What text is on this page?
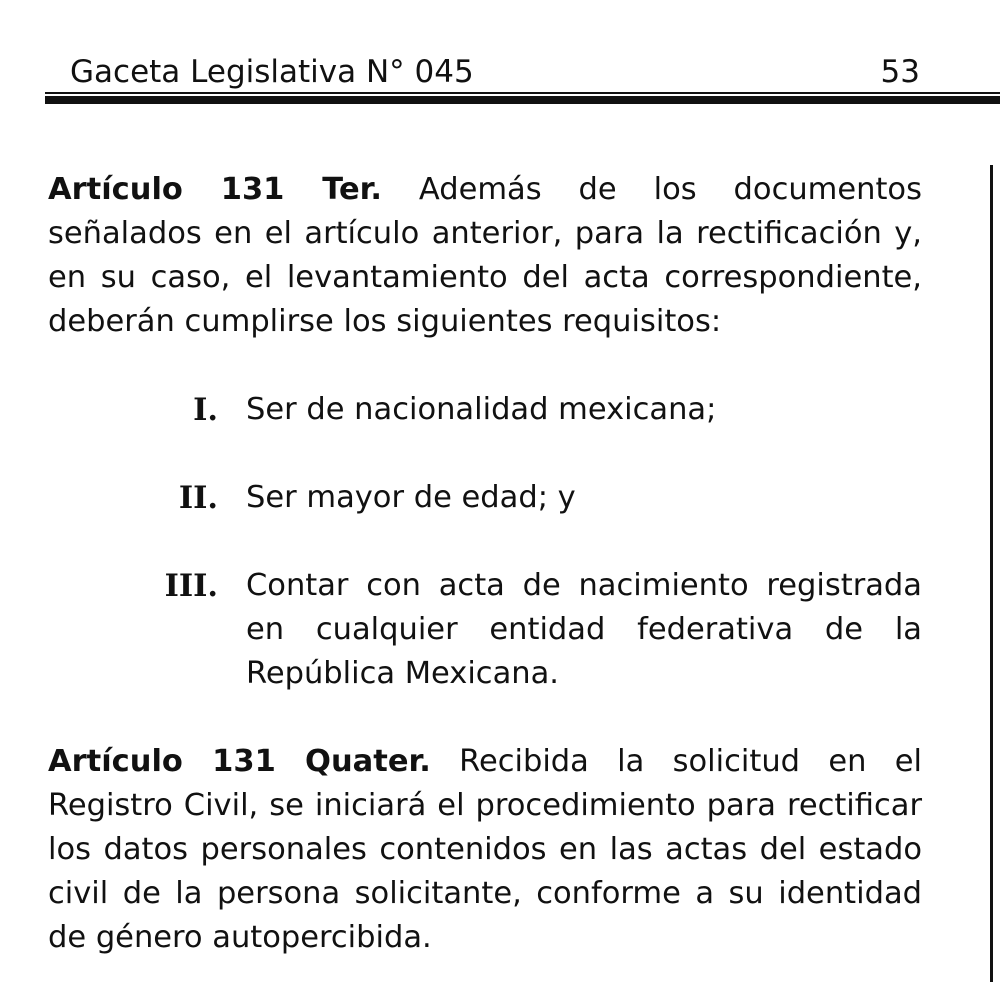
Gaceta Legislativa N° 045	53

Artículo 131 Ter. Además de los documentos señalados en el artículo anterior, para la rectificación y, en su caso, el levantamiento del acta correspondiente, deberán cumplirse los siguientes requisitos:

I. Ser de nacionalidad mexicana;
II. Ser mayor de edad; y
III. Contar con acta de nacimiento registrada en cualquier entidad federativa de la República Mexicana.

Artículo 131 Quater. Recibida la solicitud en el Registro Civil, se iniciará el procedimiento para rectificar los datos personales contenidos en las actas del estado civil de la persona solicitante, conforme a su identidad de género autopercibida.
